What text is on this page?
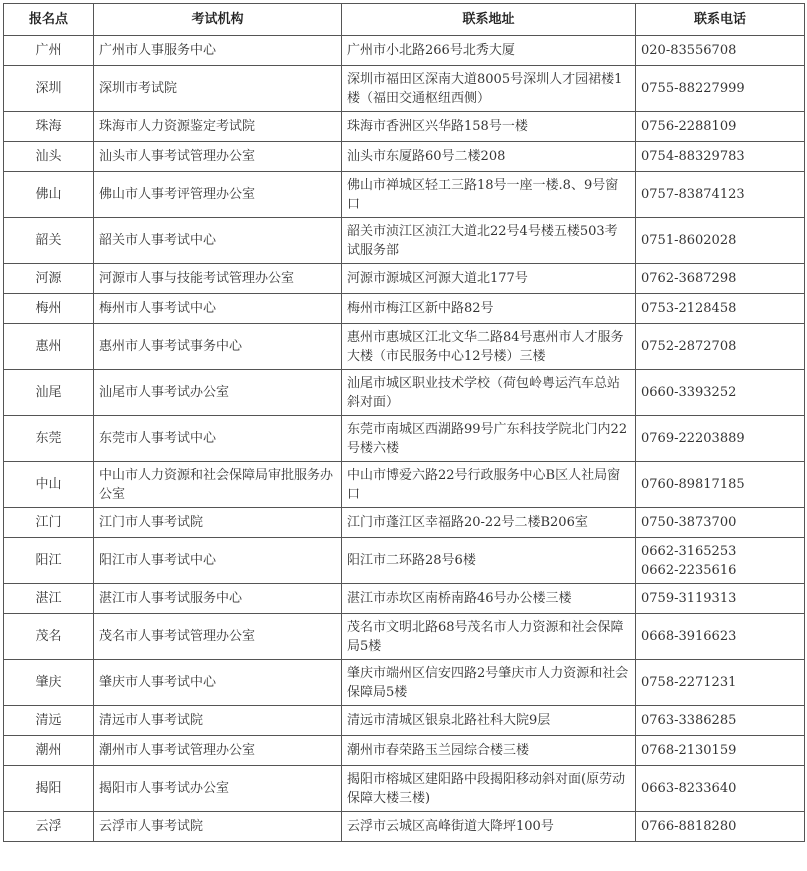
报名点	考试机构	联系地址	联系电话
广州	广州市人事服务中心	广州市小北路266号北秀大厦	020-83556708

深圳	深圳市考试院	深圳市福田区深南大道8005号深圳人才园裙楼1楼（福田交通枢纽西侧）	0755-88227999

珠海	珠海市人力资源鉴定考试院	珠海市香洲区兴华路158号一楼	0756-2288109

汕头	汕头市人事考试管理办公室	汕头市东厦路60号二楼208	0754-88329783

佛山	佛山市人事考评管理办公室	佛山市禅城区轻工三路18号一座一楼.8、9号窗口	0757-83874123

韶关	韶关市人事考试中心	韶关市浈江区浈江大道北22号4号楼五楼503考试服务部	0751-8602028

河源	河源市人事与技能考试管理办公室	河源市源城区河源大道北177号	0762-3687298

梅州	梅州市人事考试中心	梅州市梅江区新中路82号	0753-2128458

惠州	惠州市人事考试事务中心	惠州市惠城区江北文华二路84号惠州市人才服务大楼（市民服务中心12号楼）三楼	0752-2872708

汕尾	汕尾市人事考试办公室	汕尾市城区职业技术学校（荷包岭粤运汽车总站斜对面）	0660-3393252

东莞	东莞市人事考试中心	东莞市南城区西湖路99号广东科技学院北门内22号楼六楼	0769-22203889

中山	中山市人力资源和社会保障局审批服务办公室	中山市博爱六路22号行政服务中心B区人社局窗口	0760-89817185

江门	江门市人事考试院	江门市蓬江区幸福路20-22号二楼B206室	0750-3873700

阳江	阳江市人事考试中心	阳江市二环路28号6楼	0662-3165253
0662-2235616

湛江	湛江市人事考试服务中心	湛江市赤坎区南桥南路46号办公楼三楼	0759-3119313

茂名	茂名市人事考试管理办公室	茂名市文明北路68号茂名市人力资源和社会保障局5楼	0668-3916623

肇庆	肇庆市人事考试中心	肇庆市端州区信安四路2号肇庆市人力资源和社会保障局5楼	0758-2271231

清远	清远市人事考试院	清远市清城区银泉北路社科大院9层	0763-3386285

潮州	潮州市人事考试管理办公室	潮州市春荣路玉兰园综合楼三楼	0768-2130159

揭阳	揭阳市人事考试办公室	揭阳市榕城区建阳路中段揭阳移动斜对面(原劳动保障大楼三楼)	0663-8233640

云浮	云浮市人事考试院	云浮市云城区高峰街道大降坪100号	0766-8818280
